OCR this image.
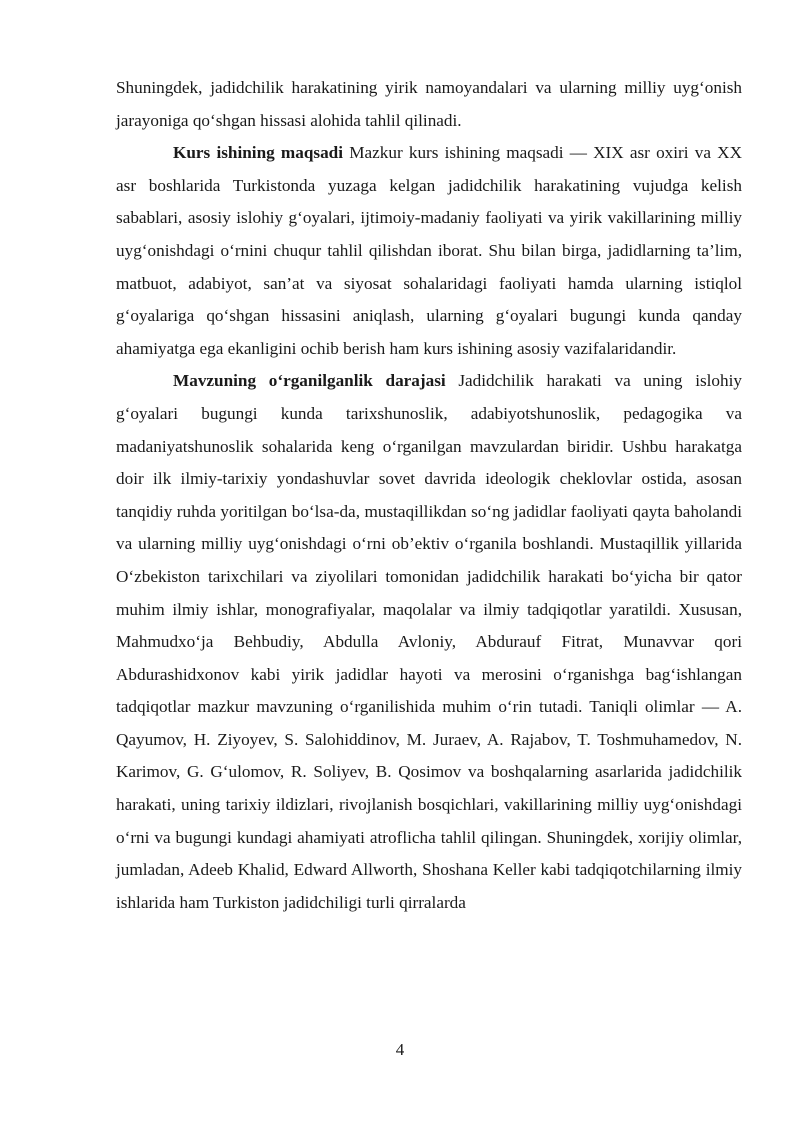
Shuningdek, jadidchilik harakatining yirik namoyandalari va ularning milliy uyg‘onish jarayoniga qo‘shgan hissasi alohida tahlil qilinadi.

Kurs ishining maqsadi Mazkur kurs ishining maqsadi — XIX asr oxiri va XX asr boshlarida Turkistonda yuzaga kelgan jadidchilik harakatining vujudga kelish sabablari, asosiy islohiy g‘oyalari, ijtimoiy-madaniy faoliyati va yirik vakillarining milliy uyg‘onishdagi o‘rnini chuqur tahlil qilishdan iborat. Shu bilan birga, jadidlarning ta’lim, matbuot, adabiyot, san’at va siyosat sohalaridagi faoliyati hamda ularning istiqlol g‘oyalariga qo‘shgan hissasini aniqlash, ularning g‘oyalari bugungi kunda qanday ahamiyatga ega ekanligini ochib berish ham kurs ishining asosiy vazifalaridandir.

Mavzuning o‘rganilganlik darajasi Jadidchilik harakati va uning islohiy g‘oyalari bugungi kunda tarixshunoslik, adabiyotshunoslik, pedagogika va madaniyatshunoslik sohalarida keng o‘rganilgan mavzulardan biridir. Ushbu harakatga doir ilk ilmiy-tarixiy yondashuvlar sovet davrida ideologik cheklovlar ostida, asosan tanqidiy ruhda yoritilgan bo‘lsa-da, mustaqillikdan so‘ng jadidlar faoliyati qayta baholandi va ularning milliy uyg‘onishdagi o‘rni ob’ektiv o‘rganila boshlandi. Mustaqillik yillarida O‘zbekiston tarixchilari va ziyolilari tomonidan jadidchilik harakati bo‘yicha bir qator muhim ilmiy ishlar, monografiyalar, maqolalar va ilmiy tadqiqotlar yaratildi. Xususan, Mahmudxo‘ja Behbudiy, Abdulla Avloniy, Abdurauf Fitrat, Munavvar qori Abdurashidxonov kabi yirik jadidlar hayoti va merosini o‘rganishga bag‘ishlangan tadqiqotlar mazkur mavzuning o‘rganilishida muhim o‘rin tutadi. Taniqli olimlar — A. Qayumov, H. Ziyoyev, S. Salohiddinov, M. Juraev, A. Rajabov, T. Toshmuhamedov, N. Karimov, G. G‘ulomov, R. Soliyev, B. Qosimov va boshqalarning asarlarida jadidchilik harakati, uning tarixiy ildizlari, rivojlanish bosqichlari, vakillarining milliy uyg‘onishdagi o‘rni va bugungi kundagi ahamiyati atroflicha tahlil qilingan. Shuningdek, xorijiy olimlar, jumladan, Adeeb Khalid, Edward Allworth, Shoshana Keller kabi tadqiqotchilarning ilmiy ishlarida ham Turkiston jadidchiligi turli qirralarda

4
